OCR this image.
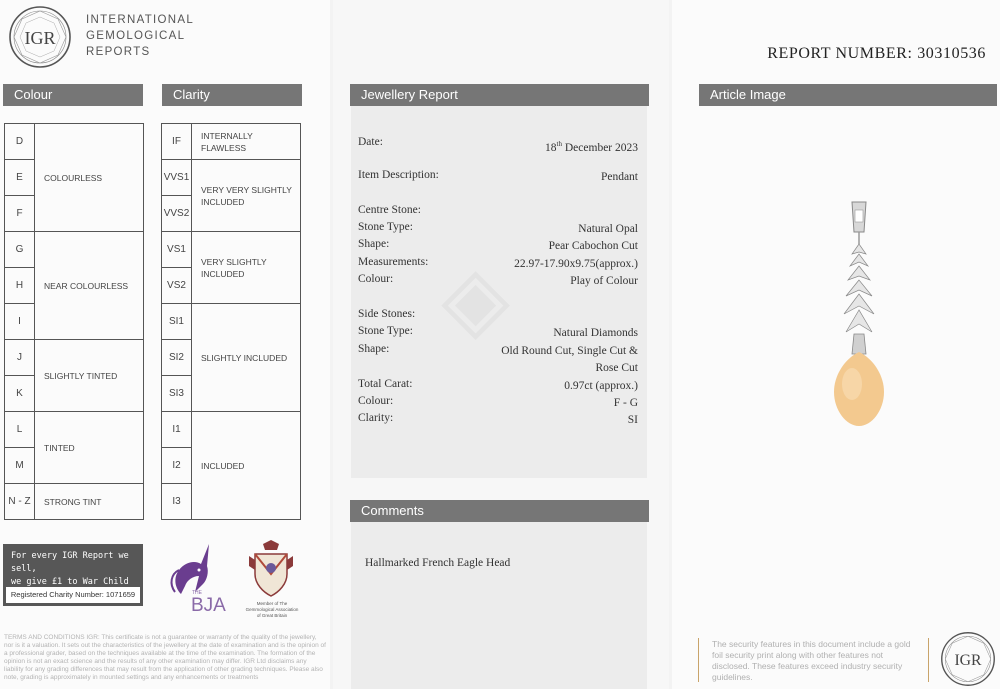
IGR
INTERNATIONAL
GEMOLOGICAL
REPORTS
Colour	Clarity
D	COLOURLESS
E	
F	
G	NEAR COLOURLESS
H	
I	
J	SLIGHTLY TINTED
K	
L	TINTED
M	
N - Z	STRONG TINT
IF	INTERNALLY FLAWLESS
VVS1	VERY VERY SLIGHTLY INCLUDED
VVS2	
VS1	VERY SLIGHTLY INCLUDED
VS2	
SI1	SLIGHTLY INCLUDED
SI2	
SI3	
I1	INCLUDED
I2	
I3	
For every IGR Report we sell,
we give £1 to War Child
Registered Charity Number: 1071659	THE
BJA	Member of The Gemmological Association of Great Britain
TERMS AND CONDITIONS IGR: This certificate is not a guarantee or warranty of the quality of the jewellery, nor is it a valuation. It sets out the characteristics of the jewellery at the date of examination and is the opinion of a professional grader, based on the techniques available at the time of the examination. The formation of the opinion is not an exact science and the results of any other examination may differ. IGR Ltd disclaims any liability for any grading differences that may result from the application of other grading techniques. Please also note, grading is approximately in mounted settings and any enhancements or treatments
Jewellery Report
Date:	18th December 2023
Item Description:	Pendant
Centre Stone:
Stone Type:	Natural Opal
Shape:	Pear Cabochon Cut
Measurements:	22.97-17.90x9.75(approx.)
Colour:	Play of Colour
Side Stones:
Stone Type:	Natural Diamonds
Shape:	Old Round Cut, Single Cut &
Rose Cut
Total Carat:	0.97ct (approx.)
Colour:	F - G
Clarity:	SI
Comments
Hallmarked French Eagle Head
REPORT NUMBER: 30310536
Article Image
The security features in this document include a gold foil security print along with other features not disclosed. These features exceed industry security guidelines.
IGR
